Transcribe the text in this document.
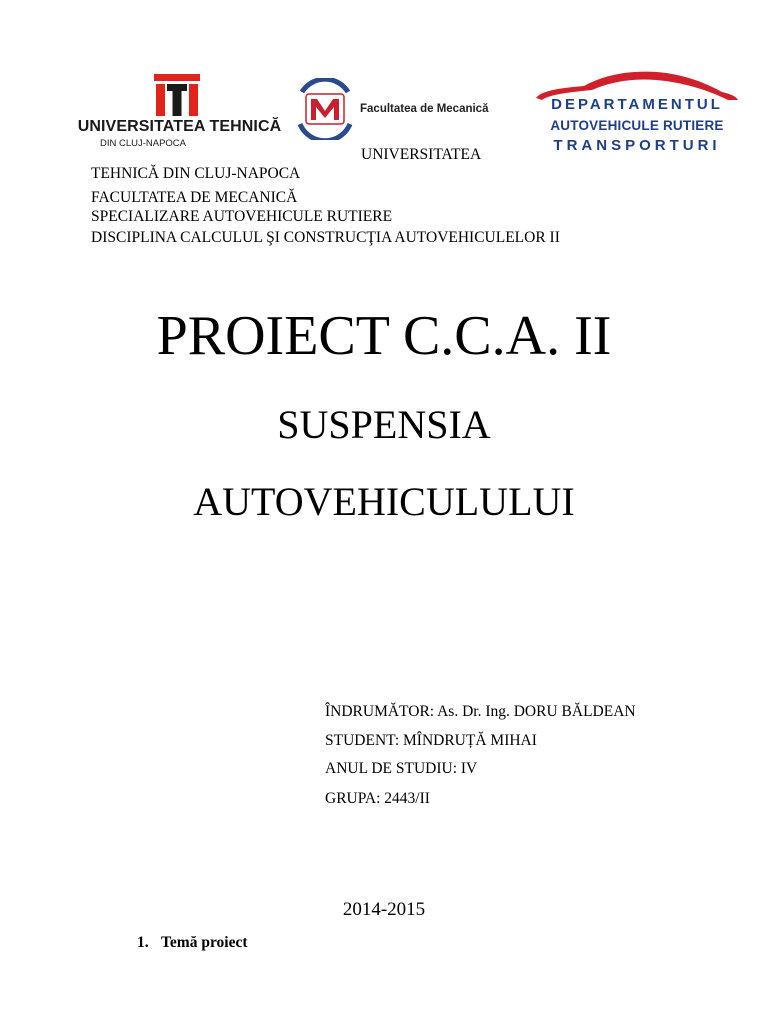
UNIVERSITATEA TEHNICĂ
DIN CLUJ-NAPOCA
Facultatea de Mecanică	DEPARTAMENTUL
AUTOVEHICULE RUTIERE
TRANSPORTURI
UNIVERSITATEA
TEHNICĂ DIN CLUJ-NAPOCA
FACULTATEA DE MECANICĂ
SPECIALIZARE AUTOVEHICULE RUTIERE
DISCIPLINA CALCULUL ŞI CONSTRUCŢIA AUTOVEHICULELOR II
PROIECT C.C.A. II
SUSPENSIA
AUTOVEHICULULUI
ÎNDRUMĂTOR: As. Dr. Ing. DORU BĂLDEAN
STUDENT: MÎNDRUȚĂ MIHAI
ANUL DE STUDIU: IV
GRUPA: 2443/II
2014-2015
1. Temă proiect
